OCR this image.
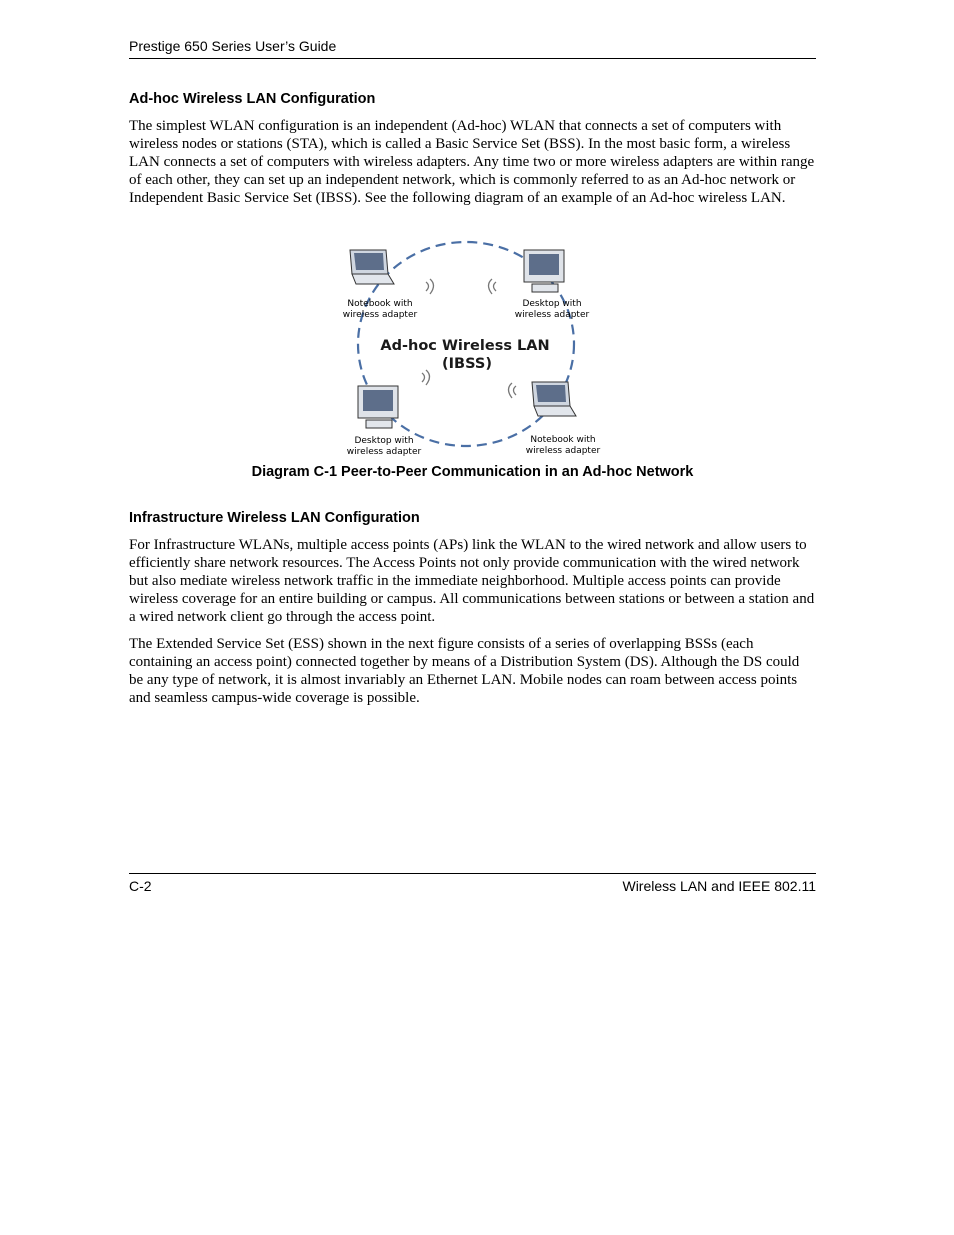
Prestige 650 Series User’s Guide
Ad-hoc Wireless LAN Configuration

The simplest WLAN configuration is an independent (Ad-hoc) WLAN that connects a set of computers with wireless nodes or stations (STA), which is called a Basic Service Set (BSS). In the most basic form, a wireless LAN connects a set of computers with wireless adapters. Any time two or more wireless adapters are within range of each other, they can set up an independent network, which is commonly referred to as an Ad-hoc network or Independent Basic Service Set (IBSS). See the following diagram of an example of an Ad-hoc wireless LAN.

Notebook with
wireless adapter
Desktop with
wireless adapter
Desktop with
wireless adapter
Notebook with
wireless adapter
Ad-hoc Wireless LAN
(IBSS)
Diagram C-1 Peer-to-Peer Communication in an Ad-hoc Network
Infrastructure Wireless LAN Configuration

For Infrastructure WLANs, multiple access points (APs) link the WLAN to the wired network and allow users to efficiently share network resources. The Access Points not only provide communication with the wired network but also mediate wireless network traffic in the immediate neighborhood. Multiple access points can provide wireless coverage for an entire building or campus. All communications between stations or between a station and a wired network client go through the access point.

The Extended Service Set (ESS) shown in the next figure consists of a series of overlapping BSSs (each containing an access point) connected together by means of a Distribution System (DS). Although the DS could be any type of network, it is almost invariably an Ethernet LAN. Mobile nodes can roam between access points and seamless campus-wide coverage is possible.

C-2	Wireless LAN and IEEE 802.11
